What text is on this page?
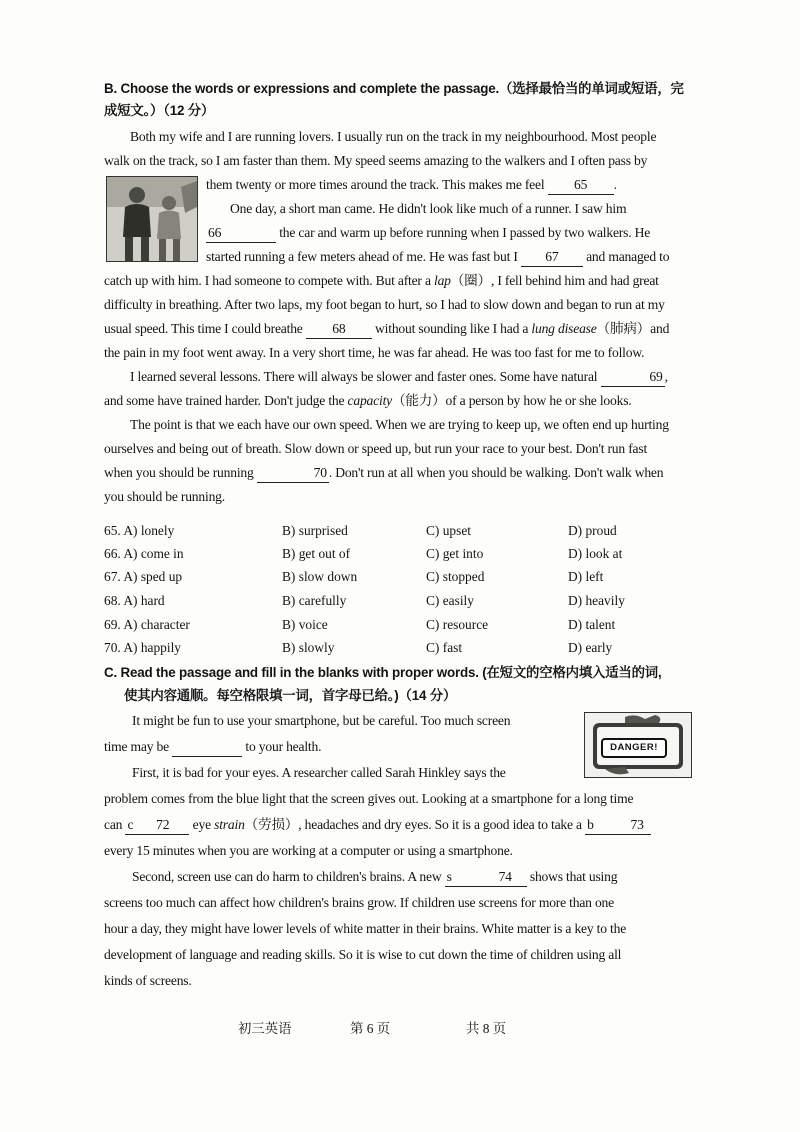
B. Choose the words or expressions and complete the passage.（选择最恰当的单词或短语，完
成短文。）（12 分）
Both my wife and I are running lovers. I usually run on the track in my neighbourhood. Most people
walk on the track, so I am faster than them. My speed seems amazing to the walkers and I often pass by
them twenty or more times around the track. This makes me feel 65 .
One day, a short man came. He didn't look like much of a runner. I saw him
66	the car and warm up before running when I passed by two walkers. He
started running a few meters ahead of me. He was fast but I 67 and managed to
catch up with him. I had someone to compete with. But after a lap（圈）, I fell behind him and had great
difficulty in breathing. After two laps, my foot began to hurt, so I had to slow down and began to run at my
usual speed. This time I could breathe 68 without sounding like I had a lung disease（肺病）and
the pain in my foot went away. In a very short time, he was far ahead. He was too fast for me to follow.
I learned several lessons. There will always be slower and faster ones. Some have natural	69 ,
and some have trained harder. Don't judge the capacity（能力）of a person by how he or she looks.
The point is that we each have our own speed. When we are trying to keep up, we often end up hurting
ourselves and being out of breath. Slow down or speed up, but run your race to your best. Don't run fast
when you should be running	70 . Don't run at all when you should be walking. Don't walk when
you should be running.
65. A) lonely	B) surprised	C) upset	D) proud
66. A) come in	B) get out of	C) get into	D) look at
67. A) sped up	B) slow down	C) stopped	D) left
68. A) hard	B) carefully	C) easily	D) heavily
69. A) character	B) voice	C) resource	D) talent
70. A) happily	B) slowly	C) fast	D) early
C. Read the passage and fill in the blanks with proper words. (在短文的空格内填入适当的词,
使其内容通顺。每空格限填一词，首字母已给。)（14 分）
It might be fun to use your smartphone, but be careful. Too much screen
time may be	to your health.	DANGER!
First, it is bad for your eyes. A researcher called Sarah Hinkley says the
problem comes from the blue light that the screen gives out. Looking at a smartphone for a long time
can c 72 eye strain（劳损）, headaches and dry eyes. So it is a good idea to take a b	73
every 15 minutes when you are working at a computer or using a smartphone.
Second, screen use can do harm to children's brains. A new s	74 shows that using
screens too much can affect how children's brains grow. If children use screens for more than one
hour a day, they might have lower levels of white matter in their brains. White matter is a key to the
development of language and reading skills. So it is wise to cut down the time of children using all
kinds of screens.
初三英语	第 6 页	共 8 页
